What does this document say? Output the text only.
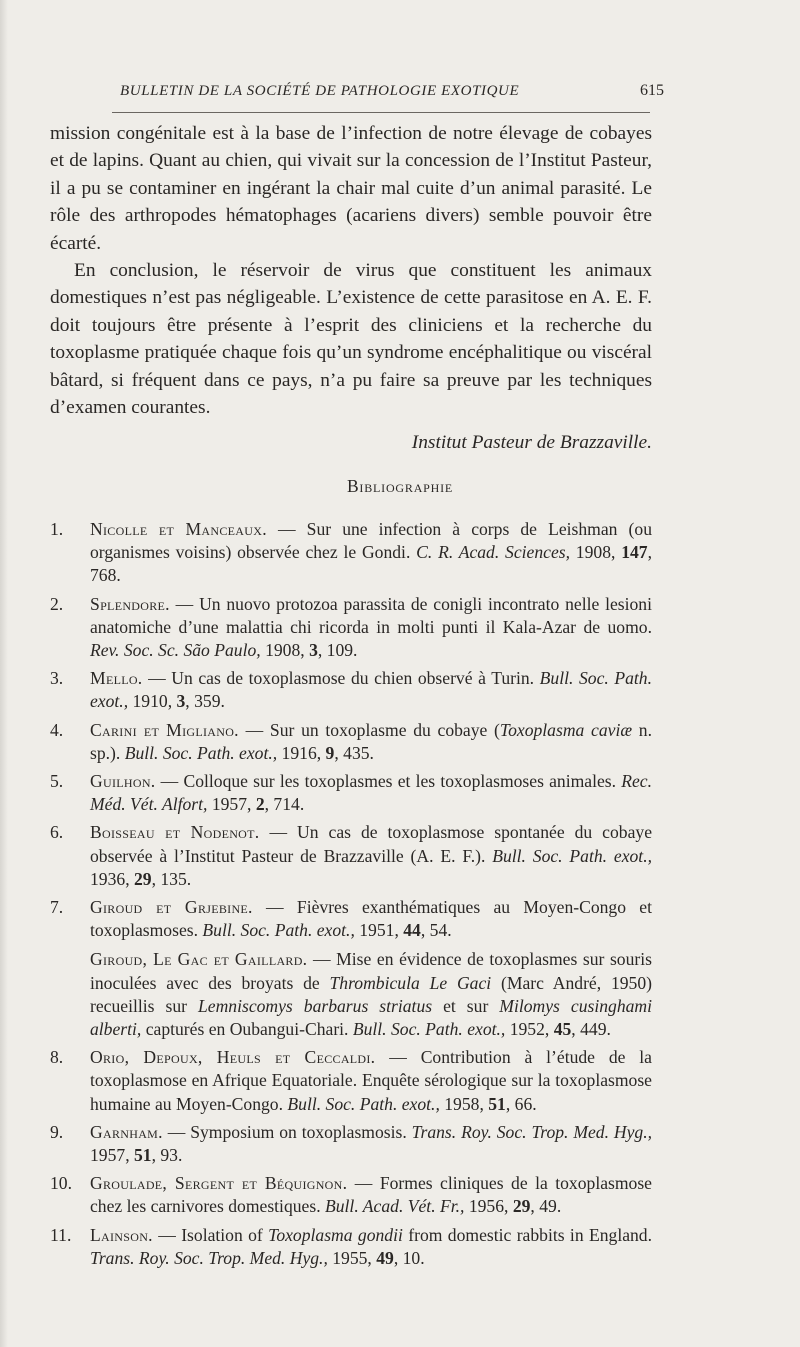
BULLETIN DE LA SOCIÉTÉ DE PATHOLOGIE EXOTIQUE	615

mission congénitale est à la base de l’infection de notre élevage de cobayes et de lapins. Quant au chien, qui vivait sur la concession de l’Institut Pasteur, il a pu se contaminer en ingérant la chair mal cuite d’un animal parasité. Le rôle des arthropodes hématophages (acariens divers) semble pouvoir être écarté.

En conclusion, le réservoir de virus que constituent les animaux domestiques n’est pas négligeable. L’existence de cette parasitose en A. E. F. doit toujours être présente à l’esprit des cliniciens et la recherche du toxoplasme pratiquée chaque fois qu’un syndrome encéphalitique ou viscéral bâtard, si fréquent dans ce pays, n’a pu faire sa preuve par les techniques d’examen courantes.

Institut Pasteur de Brazzaville.

Bibliographie
1.	Nicolle et Manceaux. — Sur une infection à corps de Leishman (ou organismes voisins) observée chez le Gondi. C. R. Acad. Sciences, 1908, 147, 768.
2.	Splendore. — Un nuovo protozoa parassita de conigli incontrato nelle lesioni anatomiche d’une malattia chi ricorda in molti punti il Kala-Azar de uomo. Rev. Soc. Sc. São Paulo, 1908, 3, 109.
3.	Mello. — Un cas de toxoplasmose du chien observé à Turin. Bull. Soc. Path. exot., 1910, 3, 359.
4.	Carini et Migliano. — Sur un toxoplasme du cobaye (Toxoplasma caviæ n. sp.). Bull. Soc. Path. exot., 1916, 9, 435.
5.	Guilhon. — Colloque sur les toxoplasmes et les toxoplasmoses animales. Rec. Méd. Vét. Alfort, 1957, 2, 714.
6.	Boisseau et Nodenot. — Un cas de toxoplasmose spontanée du cobaye observée à l’Institut Pasteur de Brazzaville (A. E. F.). Bull. Soc. Path. exot., 1936, 29, 135.
7.	Giroud et Grjebine. — Fièvres exanthématiques au Moyen-Congo et toxoplasmoses. Bull. Soc. Path. exot., 1951, 44, 54.
Giroud, Le Gac et Gaillard. — Mise en évidence de toxoplasmes sur souris inoculées avec des broyats de Thrombicula Le Gaci (Marc André, 1950) recueillis sur Lemniscomys barbarus striatus et sur Milomys cusinghami alberti, capturés en Oubangui-Chari. Bull. Soc. Path. exot., 1952, 45, 449.
8.	Orio, Depoux, Heuls et Ceccaldi. — Contribution à l’étude de la toxoplasmose en Afrique Equatoriale. Enquête sérologique sur la toxoplasmose humaine au Moyen-Congo. Bull. Soc. Path. exot., 1958, 51, 66.
9.	Garnham. — Symposium on toxoplasmosis. Trans. Roy. Soc. Trop. Med. Hyg., 1957, 51, 93.
10.	Groulade, Sergent et Béquignon. — Formes cliniques de la toxoplasmose chez les carnivores domestiques. Bull. Acad. Vét. Fr., 1956, 29, 49.
11.	Lainson. — Isolation of Toxoplasma gondii from domestic rabbits in England. Trans. Roy. Soc. Trop. Med. Hyg., 1955, 49, 10.
